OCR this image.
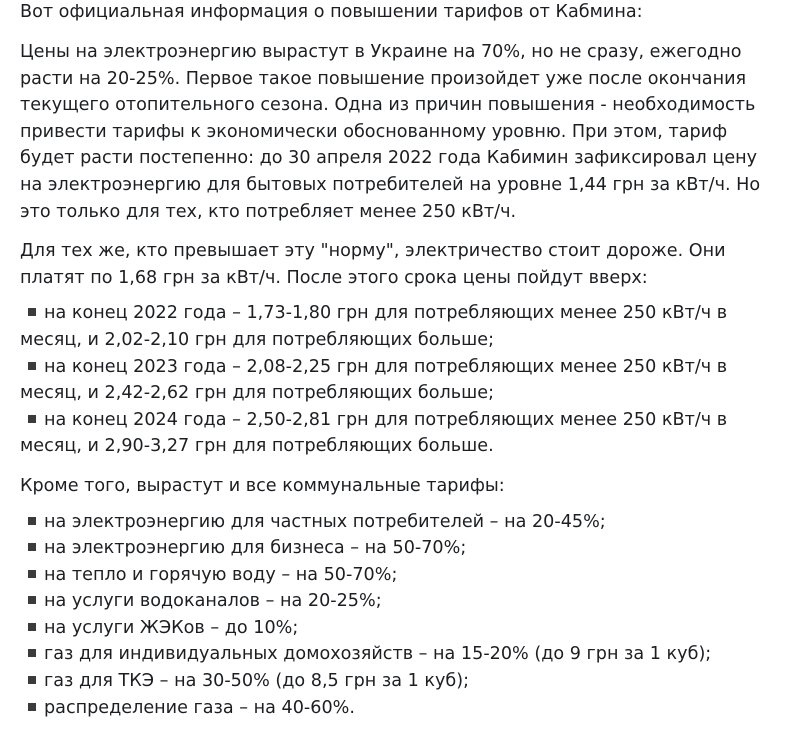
Вот официальная информация о повышении тарифов от Кабмина:

Цены на электроэнергию вырастут в Украине на 70%, но не сразу, ежегодно
расти на 20-25%. Первое такое повышение произойдет уже после окончания
текущего отопительного сезона. Одна из причин повышения - необходимость
привести тарифы к экономически обоснованному уровню. При этом, тариф
будет расти постепенно: до 30 апреля 2022 года Кабимин зафиксировал цену
на электроэнергию для бытовых потребителей на уровне 1,44 грн за кВт/ч. Но
это только для тех, кто потребляет менее 250 кВт/ч.

Для тех же, кто превышает эту "норму", электричество стоит дороже. Они
платят по 1,68 грн за кВт/ч. После этого срока цены пойдут вверх:

на конец 2022 года – 1,73-1,80 грн для потребляющих менее 250 кВт/ч в
месяц, и 2,02-2,10 грн для потребляющих больше;
на конец 2023 года – 2,08-2,25 грн для потребляющих менее 250 кВт/ч в
месяц, и 2,42-2,62 грн для потребляющих больше;
на конец 2024 года – 2,50-2,81 грн для потребляющих менее 250 кВт/ч в
месяц, и 2,90-3,27 грн для потребляющих больше.

Кроме того, вырастут и все коммунальные тарифы:

на электроэнергию для частных потребителей – на 20-45%;
на электроэнергию для бизнеса – на 50-70%;
на тепло и горячую воду – на 50-70%;
на услуги водоканалов – на 20-25%;
на услуги ЖЭКов – до 10%;
газ для индивидуальных домохозяйств – на 15-20% (до 9 грн за 1 куб);
газ для ТКЭ – на 30-50% (до 8,5 грн за 1 куб);
распределение газа – на 40-60%.
